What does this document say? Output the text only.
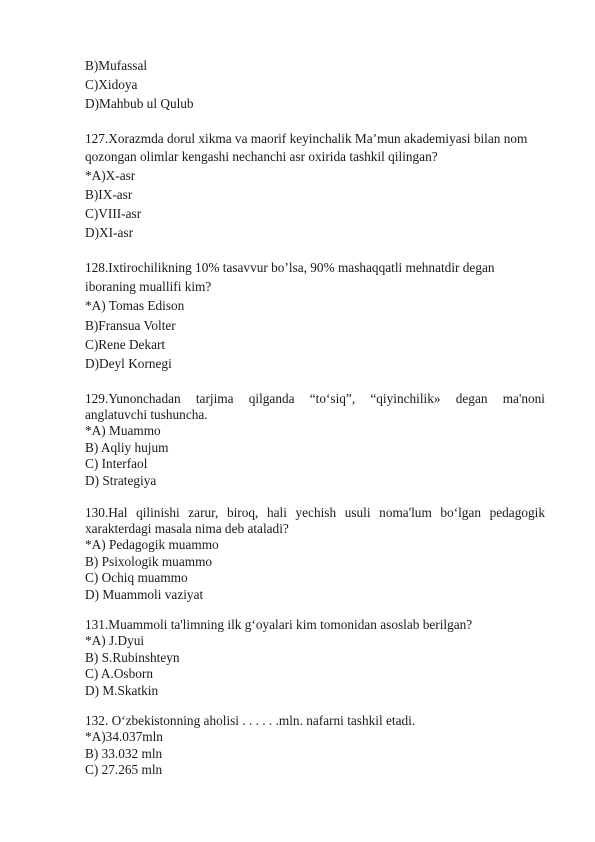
B)Mufassal
C)Xidoya
D)Mahbub ul Qulub
127.Xorazmda dorul xikma va maorif keyinchalik Ma’mun akademiyasi bilan nom
qozongan olimlar kengashi nechanchi asr oxirida tashkil qilingan?
*A)X-asr
B)IX-asr
C)VIII-asr
D)XI-asr
128.Ixtirochilikning 10% tasavvur bo’lsa, 90% mashaqqatli mehnatdir degan
iboraning muallifi kim?
*A) Tomas Edison
B)Fransua Volter
C)Rene Dekart
D)Deyl Kornegi
129.Yunonchadan tarjima qilganda “to‘siq”, “qiyinchilik» degan ma'noni
anglatuvchi tushuncha.
*A) Muammo
B) Aqliy hujum
C) Interfaol
D) Strategiya
130.Hal qilinishi zarur, biroq, hali yechish usuli noma'lum bo‘lgan pedagogik
xarakterdagi masala nima deb ataladi?
*A) Pedagogik muammo
B) Psixologik muammo
C) Ochiq muammo
D) Muammoli vaziyat
131.Muammoli ta'limning ilk g‘oyalari kim tomonidan asoslab berilgan?
*A) J.Dyui
B) S.Rubinshteyn
C) A.Osborn
D) M.Skatkin
132. O‘zbekistonning aholisi . . . . . .mln. nafarni tashkil etadi.
*A)34.037mln
B) 33.032 mln
C) 27.265 mln
